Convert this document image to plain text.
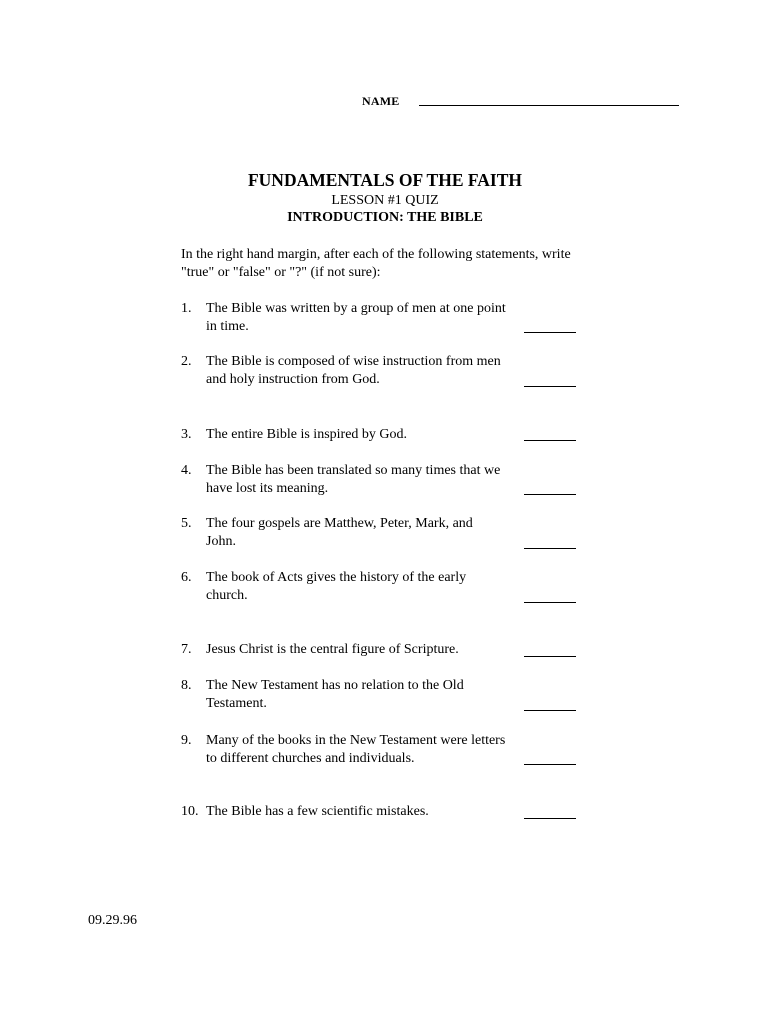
NAME
FUNDAMENTALS OF THE FAITH
LESSON #1 QUIZ
INTRODUCTION: THE BIBLE
In the right hand margin, after each of the following statements, write "true" or "false" or "?" (if not sure):
1. The Bible was written by a group of men at one point in time.
2. The Bible is composed of wise instruction from men and holy instruction from God.
3. The entire Bible is inspired by God.
4. The Bible has been translated so many times that we have lost its meaning.
5. The four gospels are Matthew, Peter, Mark, and John.
6. The book of Acts gives the history of the early church.
7. Jesus Christ is the central figure of Scripture.
8. The New Testament has no relation to the Old Testament.
9. Many of the books in the New Testament were letters to different churches and individuals.
10. The Bible has a few scientific mistakes.
09.29.96
